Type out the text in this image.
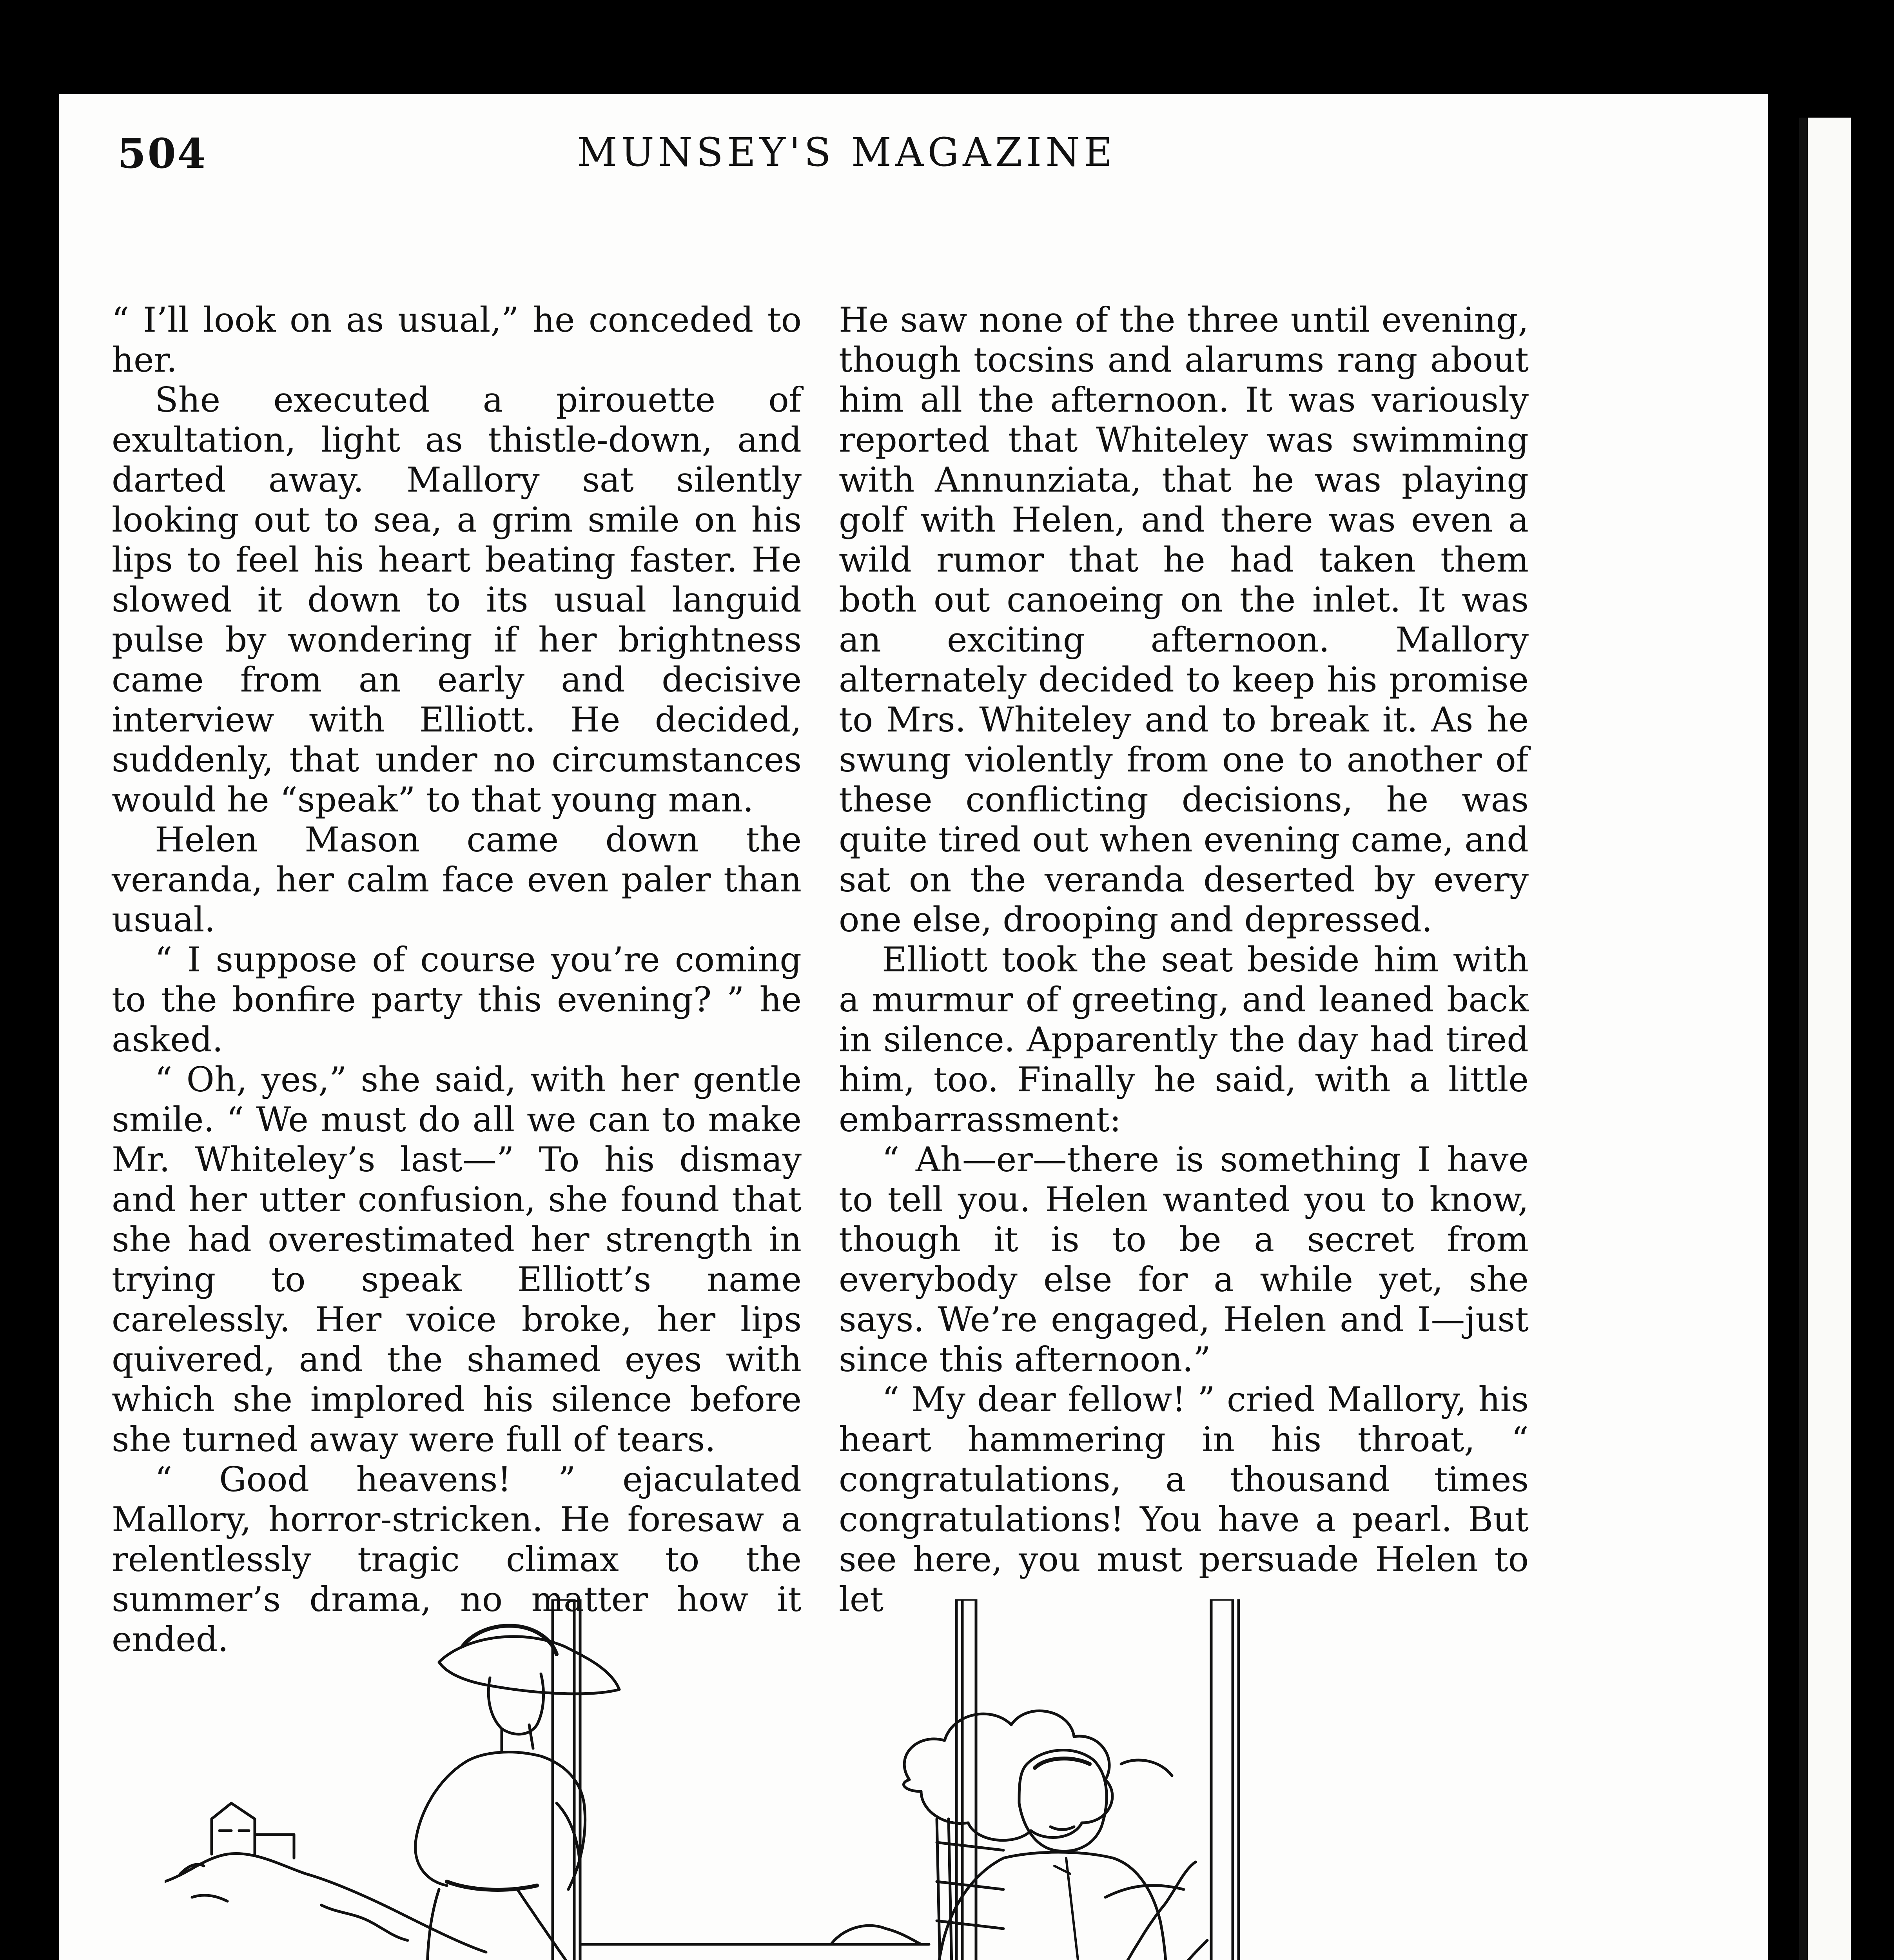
504	MUNSEY'S MAGAZINE

“ I’ll look on as usual,” he conceded to her.

She executed a pirouette of exultation, light as thistle-down, and darted away. Mallory sat silently looking out to sea, a grim smile on his lips to feel his heart beating faster. He slowed it down to its usual languid pulse by wondering if her brightness came from an early and decisive interview with Elliott. He decided, suddenly, that under no circumstances would he “speak” to that young man.

Helen Mason came down the veranda, her calm face even paler than usual.

“ I suppose of course you’re coming to the bonfire party this evening? ” he asked.

“ Oh, yes,” she said, with her gentle smile. “ We must do all we can to make Mr. Whiteley’s last—” To his dismay and her utter confusion, she found that she had overestimated her strength in trying to speak Elliott’s name carelessly. Her voice broke, her lips quivered, and the shamed eyes with which she implored his silence before she turned away were full of tears.

“ Good heavens! ” ejaculated Mallory, horror-stricken. He foresaw a relentlessly tragic climax to the summer’s drama, no matter how it ended.

He saw none of the three until evening, though tocsins and alarums rang about him all the afternoon. It was variously reported that Whiteley was swimming with Annunziata, that he was playing golf with Helen, and there was even a wild rumor that he had taken them both out canoeing on the inlet. It was an exciting afternoon. Mallory alternately decided to keep his promise to Mrs. Whiteley and to break it. As he swung violently from one to another of these conflicting decisions, he was quite tired out when evening came, and sat on the veranda deserted by every one else, drooping and depressed.

Elliott took the seat beside him with a murmur of greeting, and leaned back in silence. Apparently the day had tired him, too. Finally he said, with a little embarrassment:

“ Ah—er—there is something I have to tell you. Helen wanted you to know, though it is to be a secret from everybody else for a while yet, she says. We’re engaged, Helen and I—just since this afternoon.”

“ My dear fellow! ” cried Mallory, his heart hammering in his throat, “ congratulations, a thousand times congratulations! You have a pearl. But see here, you must persuade Helen to let
